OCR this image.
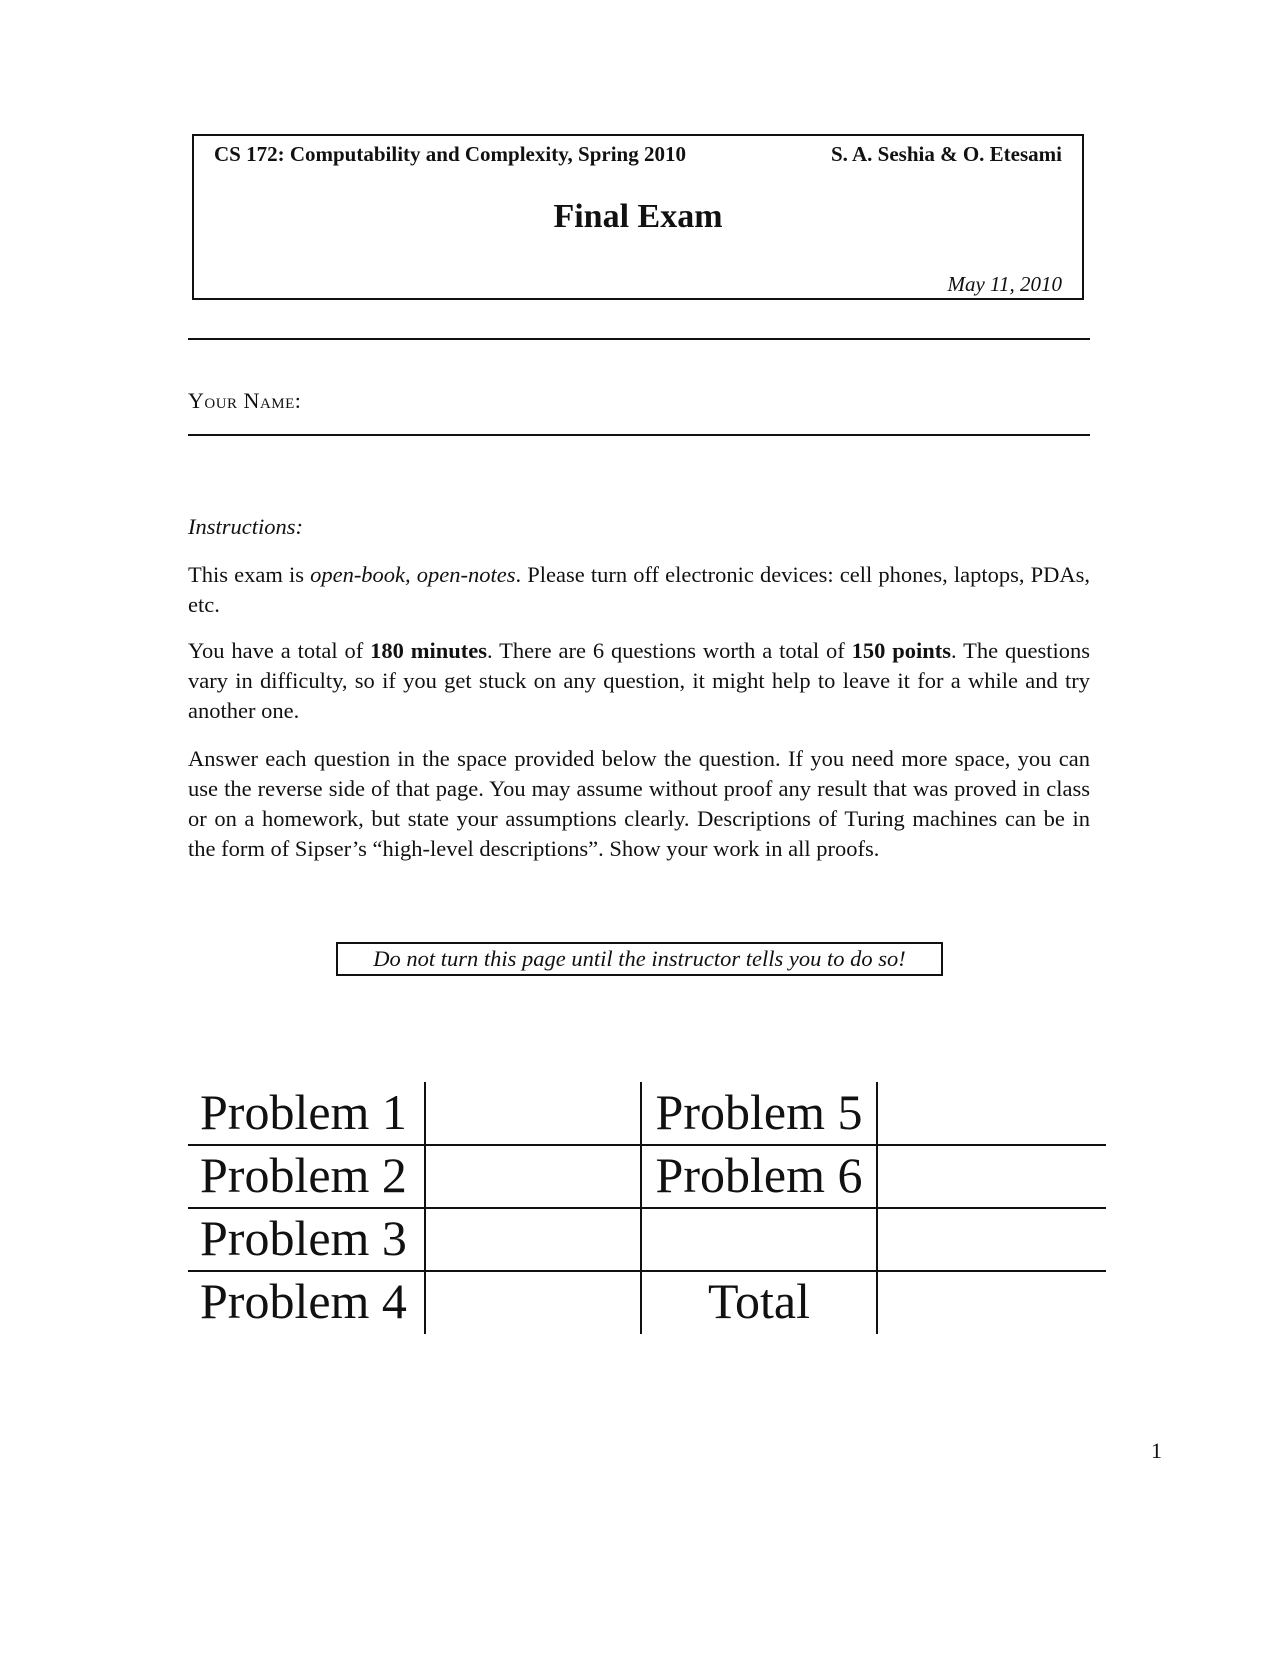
CS 172: Computability and Complexity, Spring 2010	S. A. Seshia & O. Etesami
Final Exam
May 11, 2010
Your Name:
Instructions:
This exam is open-book, open-notes. Please turn off electronic devices: cell phones, laptops, PDAs, etc.
You have a total of 180 minutes. There are 6 questions worth a total of 150 points. The questions vary in difficulty, so if you get stuck on any question, it might help to leave it for a while and try another one.
Answer each question in the space provided below the question. If you need more space, you can use the reverse side of that page. You may assume without proof any result that was proved in class or on a homework, but state your assumptions clearly. Descriptions of Turing machines can be in the form of Sipser’s “high-level descriptions”. Show your work in all proofs.
Do not turn this page until the instructor tells you to do so!
Problem 1
Problem 2
Problem 3
Problem 4
Problem 5
Problem 6
Total
1
